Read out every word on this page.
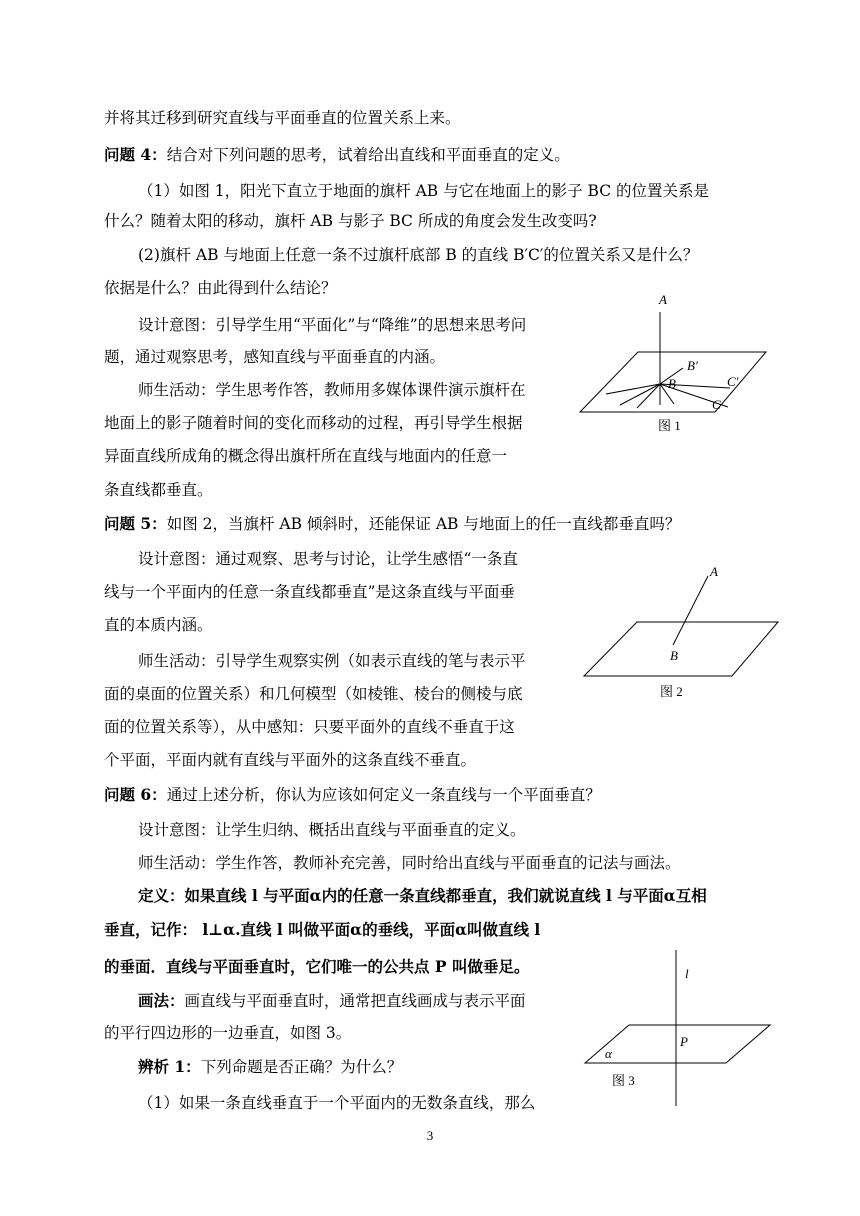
并将其迁移到研究直线与平面垂直的位置关系上来。
问题 4：结合对下列问题的思考，试着给出直线和平面垂直的定义。
（1）如图 1，阳光下直立于地面的旗杆 AB 与它在地面上的影子 BC 的位置关系是
什么？随着太阳的移动，旗杆 AB 与影子 BC 所成的角度会发生改变吗?
(2)旗杆 AB 与地面上任意一条不过旗杆底部 B 的直线 B′C′的位置关系又是什么？
依据是什么？由此得到什么结论？
设计意图：引导学生用“平面化”与“降维”的思想来思考问
题，通过观察思考，感知直线与平面垂直的内涵。
师生活动：学生思考作答，教师用多媒体课件演示旗杆在
地面上的影子随着时间的变化而移动的过程，再引导学生根据
异面直线所成角的概念得出旗杆所在直线与地面内的任意一
条直线都垂直。
问题 5：如图 2，当旗杆 AB 倾斜时，还能保证 AB 与地面上的任一直线都垂直吗？
设计意图：通过观察、思考与讨论，让学生感悟“一条直
线与一个平面内的任意一条直线都垂直”是这条直线与平面垂
直的本质内涵。
师生活动：引导学生观察实例（如表示直线的笔与表示平
面的桌面的位置关系）和几何模型（如棱锥、棱台的侧棱与底
面的位置关系等），从中感知：只要平面外的直线不垂直于这
个平面，平面内就有直线与平面外的这条直线不垂直。
问题 6：通过上述分析，你认为应该如何定义一条直线与一个平面垂直？
设计意图：让学生归纳、概括出直线与平面垂直的定义。
师生活动：学生作答，教师补充完善，同时给出直线与平面垂直的记法与画法。
定义：如果直线 l 与平面α内的任意一条直线都垂直，我们就说直线 l 与平面α互相
垂直，记作： l⊥α.直线 l 叫做平面α的垂线，平面α叫做直线 l
的垂面．直线与平面垂直时，它们唯一的公共点 P 叫做垂足。
画法：画直线与平面垂直时，通常把直线画成与表示平面
的平行四边形的一边垂直，如图 3。
辨析 1：下列命题是否正确？为什么？
（1）如果一条直线垂直于一个平面内的无数条直线，那么
A
B
B′
C′
C
图 1
A
B
图 2
l
P
α
图 3
3
